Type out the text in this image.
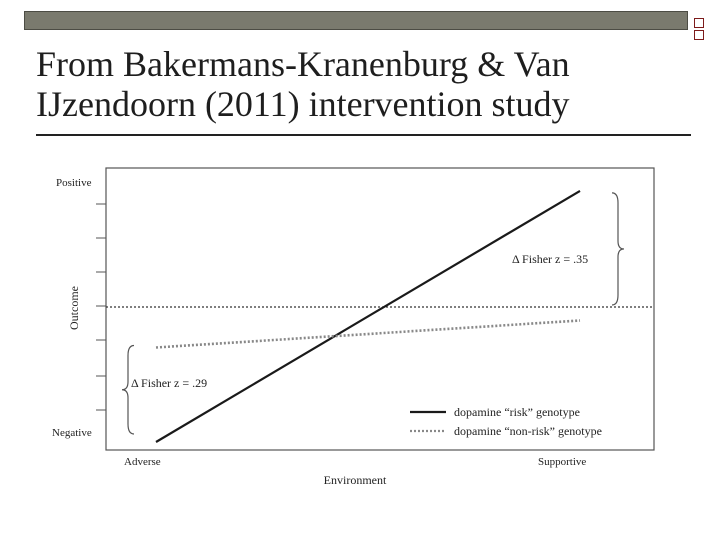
From Bakermans-Kranenburg & Van
IJzendoorn (2011) intervention study
Positive
Negative
Outcome
Adverse	Supportive
Environment
Δ Fisher z = .35
Δ Fisher z = .29
dopamine “risk” genotype
dopamine “non-risk” genotype
